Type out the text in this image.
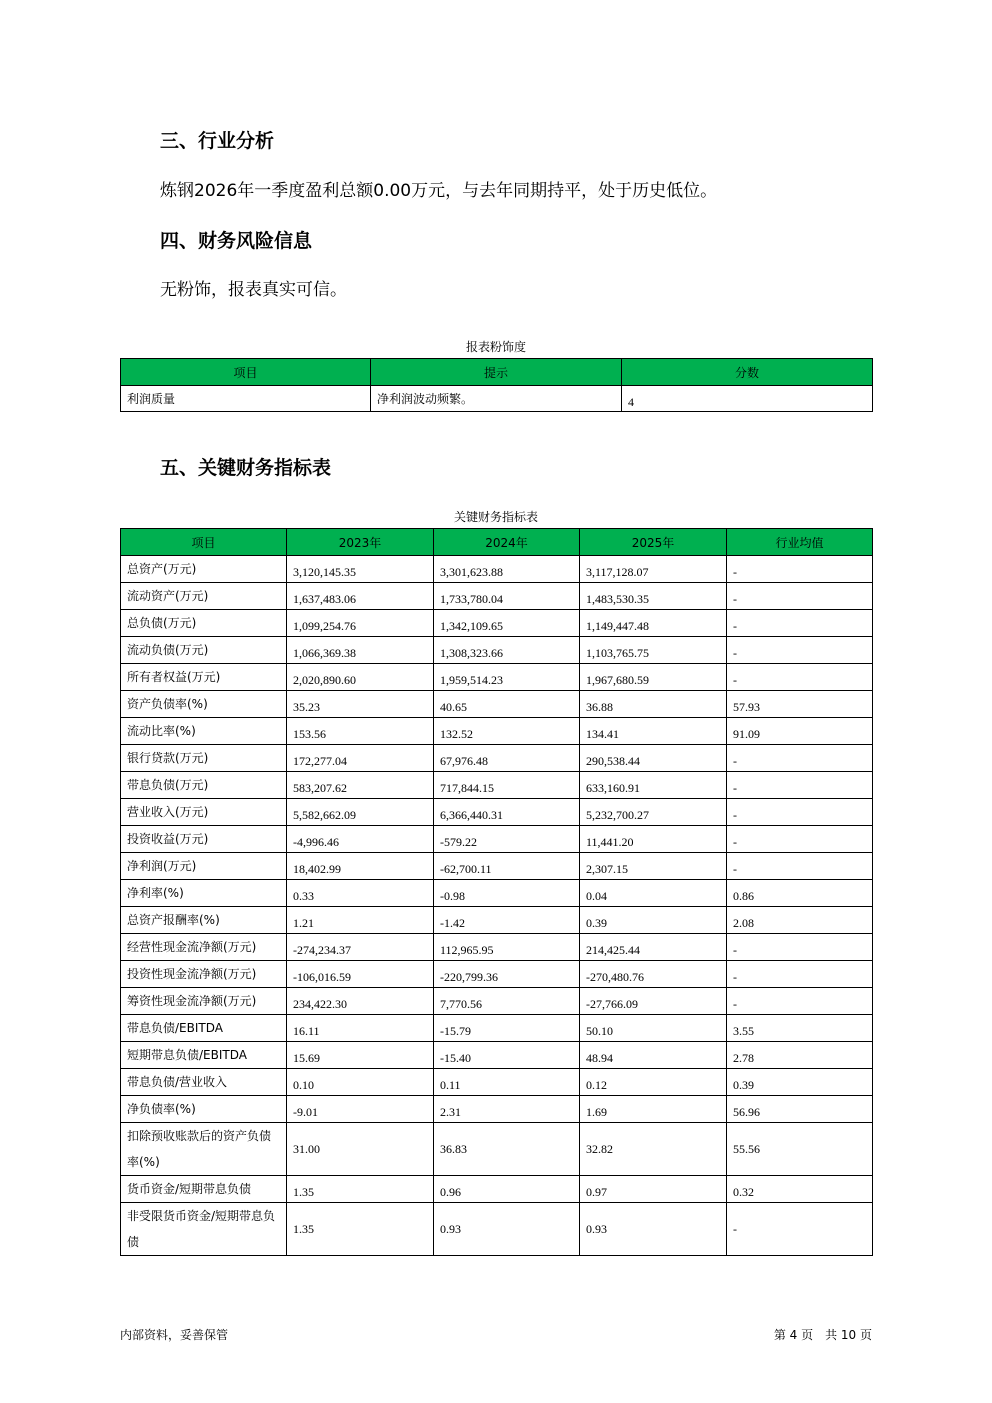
三、行业分析
炼钢2026年一季度盈利总额0.00万元，与去年同期持平，处于历史低位。
四、财务风险信息
无粉饰，报表真实可信。
报表粉饰度
项目	提示	分数
利润质量	净利润波动频繁。	4
五、关键财务指标表
关键财务指标表
项目	2023年	2024年	2025年	行业均值
总资产(万元)	3,120,145.35	3,301,623.88	3,117,128.07	-
流动资产(万元)	1,637,483.06	1,733,780.04	1,483,530.35	-
总负债(万元)	1,099,254.76	1,342,109.65	1,149,447.48	-
流动负债(万元)	1,066,369.38	1,308,323.66	1,103,765.75	-
所有者权益(万元)	2,020,890.60	1,959,514.23	1,967,680.59	-
资产负债率(%)	35.23	40.65	36.88	57.93
流动比率(%)	153.56	132.52	134.41	91.09
银行贷款(万元)	172,277.04	67,976.48	290,538.44	-
带息负债(万元)	583,207.62	717,844.15	633,160.91	-
营业收入(万元)	5,582,662.09	6,366,440.31	5,232,700.27	-
投资收益(万元)	-4,996.46	-579.22	11,441.20	-
净利润(万元)	18,402.99	-62,700.11	2,307.15	-
净利率(%)	0.33	-0.98	0.04	0.86
总资产报酬率(%)	1.21	-1.42	0.39	2.08
经营性现金流净额(万元)	-274,234.37	112,965.95	214,425.44	-
投资性现金流净额(万元)	-106,016.59	-220,799.36	-270,480.76	-
筹资性现金流净额(万元)	234,422.30	7,770.56	-27,766.09	-
带息负债/EBITDA	16.11	-15.79	50.10	3.55
短期带息负债/EBITDA	15.69	-15.40	48.94	2.78
带息负债/营业收入	0.10	0.11	0.12	0.39
净负债率(%)	-9.01	2.31	1.69	56.96
扣除预收账款后的资产负债率(%)	31.00	36.83	32.82	55.56
货币资金/短期带息负债	1.35	0.96	0.97	0.32
非受限货币资金/短期带息负债	1.35	0.93	0.93	-
内部资料，妥善保管	第 4 页　共 10 页
